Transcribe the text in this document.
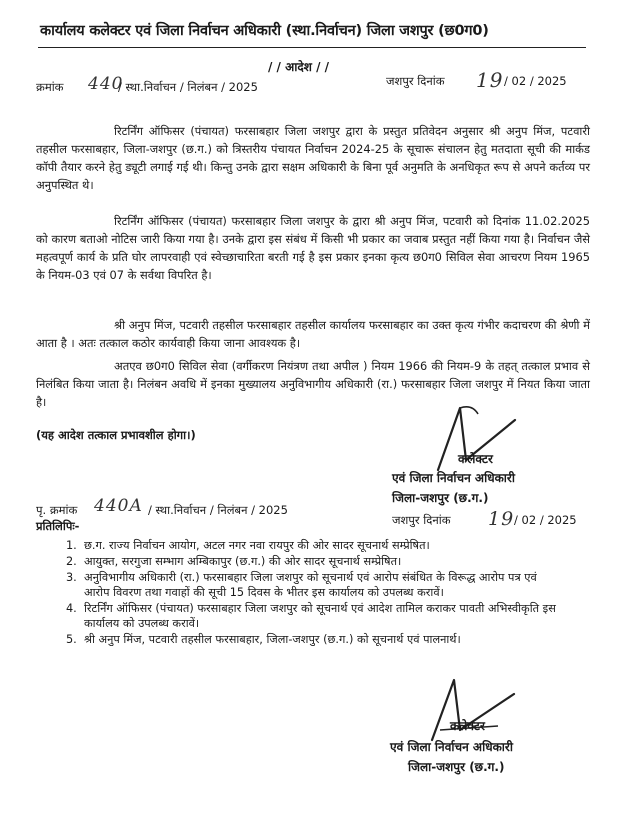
कार्यालय कलेक्टर एवं जिला निर्वाचन अधिकारी (स्था.निर्वाचन) जिला जशपुर (छ0ग0)
/ / आदेश / /
क्रमांक 440
/ स्था.निर्वाचन / निलंबन / 2025	जशपुर दिनांक 19 / 02 / 2025

रिटर्निंग ऑफिसर (पंचायत) फरसाबहार जिला जशपुर द्वारा के प्रस्तुत प्रतिवेदन अनुसार श्री अनुप मिंज, पटवारी तहसील फरसाबहार, जिला-जशपुर (छ.ग.) को त्रिस्तरीय पंचायत निर्वाचन 2024-25 के सूचारू संचालन हेतु मतदाता सूची की मार्कड कॉपी तैयार करने हेतु ड्यूटी लगाई गई थी। किन्तु उनके द्वारा सक्षम अधिकारी के बिना पूर्व अनुमति के अनधिकृत रूप से अपने कर्तव्य पर अनुपस्थित थे।

रिटर्निंग ऑफिसर (पंचायत) फरसाबहार जिला जशपुर के द्वारा श्री अनुप मिंज, पटवारी को दिनांक 11.02.2025 को कारण बताओ नोटिस जारी किया गया है। उनके द्वारा इस संबंध में किसी भी प्रकार का जवाब प्रस्तुत नहीं किया गया है। निर्वाचन जैसे महत्वपूर्ण कार्य के प्रति घोर लापरवाही एवं स्वेच्छाचारिता बरती गई है इस प्रकार इनका कृत्य छ0ग0 सिविल सेवा आचरण नियम 1965 के नियम-03 एवं 07 के सर्वथा विपरित है।

श्री अनुप मिंज, पटवारी तहसील फरसाबहार तहसील कार्यालय फरसाबहार का उक्त कृत्य गंभीर कदाचरण की श्रेणी में आता है । अतः तत्काल कठोर कार्यवाही किया जाना आवश्यक है।

अतएव छ0ग0 सिविल सेवा (वर्गीकरण नियंत्रण तथा अपील ) नियम 1966 की नियम-9 के तहत् तत्काल प्रभाव से निलंबित किया जाता है। निलंबन अवधि में इनका मुख्यालय अनुविभागीय अधिकारी (रा.) फरसाबहार जिला जशपुर में नियत किया जाता है।

(यह आदेश तत्काल प्रभावशील होगा।)
कलेक्टर
एवं जिला निर्वाचन अधिकारी
जिला-जशपुर (छ.ग.)
पृ. क्रमांक 440A / स्था.निर्वाचन / निलंबन / 2025
प्रतिलिपिः-	जशपुर दिनांक 19 / 02 / 2025
1. छ.ग. राज्य निर्वाचन आयोग, अटल नगर नवा रायपुर की ओर सादर सूचनार्थ सम्प्रेषित।
2. आयुक्त, सरगुजा सम्भाग अम्बिकापुर (छ.ग.) की ओर सादर सूचनार्थ सम्प्रेषित।
3. अनुविभागीय अधिकारी (रा.) फरसाबहार जिला जशपुर को सूचनार्थ एवं आरोप संबंधित के विरूद्ध आरोप पत्र एवं आरोप विवरण तथा गवाहों की सूची 15 दिवस के भीतर इस कार्यालय को उपलब्ध करावें।
4. रिटर्निंग ऑफिसर (पंचायत) फरसाबहार जिला जशपुर को सूचनार्थ एवं आदेश तामिल कराकर पावती अभिस्वीकृति इस कार्यालय को उपलब्ध करावें।
5. श्री अनुप मिंज, पटवारी तहसील फरसाबहार, जिला-जशपुर (छ.ग.) को सूचनार्थ एवं पालनार्थ।
कलेक्टर
एवं जिला निर्वाचन अधिकारी
जिला-जशपुर (छ.ग.)
